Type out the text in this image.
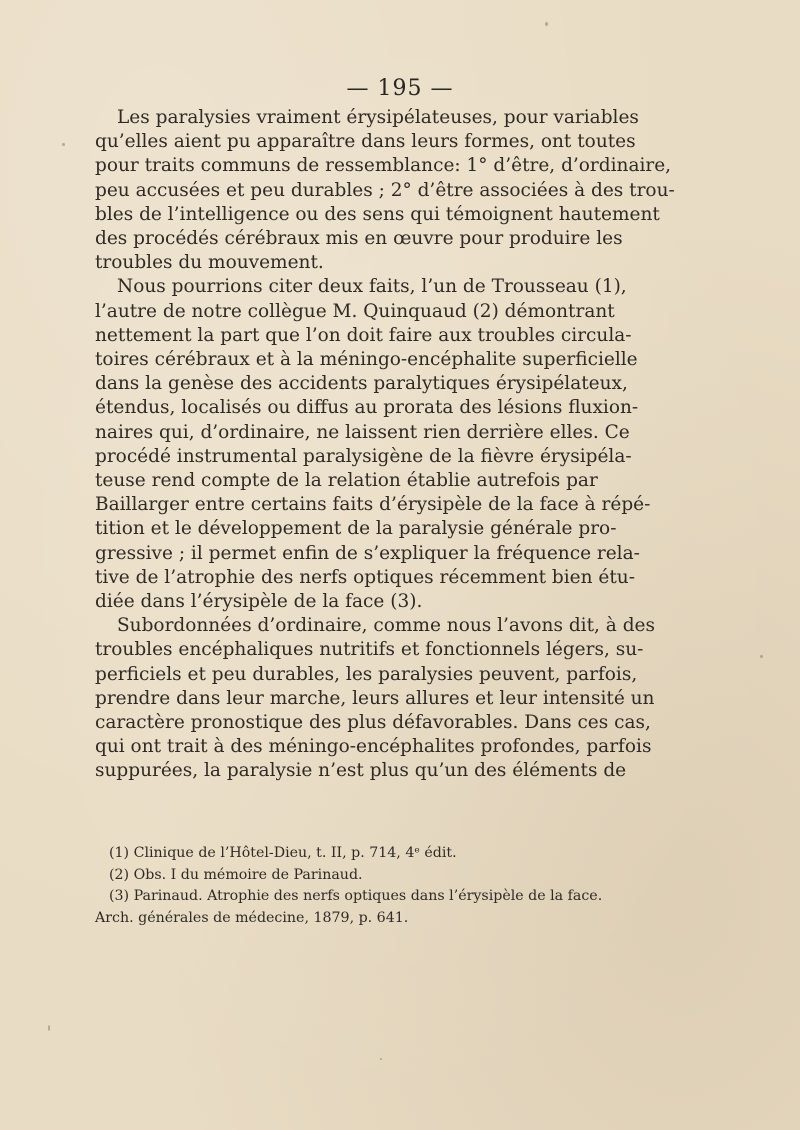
— 195 —
Les paralysies vraiment érysipélateuses, pour variables
qu’elles aient pu apparaître dans leurs formes, ont toutes
pour traits communs de ressemblance: 1° d’être, d’ordinaire,
peu accusées et peu durables ; 2° d’être associées à des trou-
bles de l’intelligence ou des sens qui témoignent hautement
des procédés cérébraux mis en œuvre pour produire les
troubles du mouvement.
Nous pourrions citer deux faits, l’un de Trousseau (1),
l’autre de notre collègue M. Quinquaud (2) démontrant
nettement la part que l’on doit faire aux troubles circula-
toires cérébraux et à la méningo-encéphalite superficielle
dans la genèse des accidents paralytiques érysipélateux,
étendus, localisés ou diffus au prorata des lésions fluxion-
naires qui, d’ordinaire, ne laissent rien derrière elles. Ce
procédé instrumental paralysigène de la fièvre érysipéla-
teuse rend compte de la relation établie autrefois par
Baillarger entre certains faits d’érysipèle de la face à répé-
tition et le développement de la paralysie générale pro-
gressive ; il permet enfin de s’expliquer la fréquence rela-
tive de l’atrophie des nerfs optiques récemment bien étu-
diée dans l’érysipèle de la face (3).
Subordonnées d’ordinaire, comme nous l’avons dit, à des
troubles encéphaliques nutritifs et fonctionnels légers, su-
perficiels et peu durables, les paralysies peuvent, parfois,
prendre dans leur marche, leurs allures et leur intensité un
caractère pronostique des plus défavorables. Dans ces cas,
qui ont trait à des méningo-encéphalites profondes, parfois
suppurées, la paralysie n’est plus qu’un des éléments de
(1) Clinique de l’Hôtel-Dieu, t. II, p. 714, 4ᵉ édit.
(2) Obs. I du mémoire de Parinaud.
(3) Parinaud. Atrophie des nerfs optiques dans l’érysipèle de la face.
Arch. générales de médecine, 1879, p. 641.
